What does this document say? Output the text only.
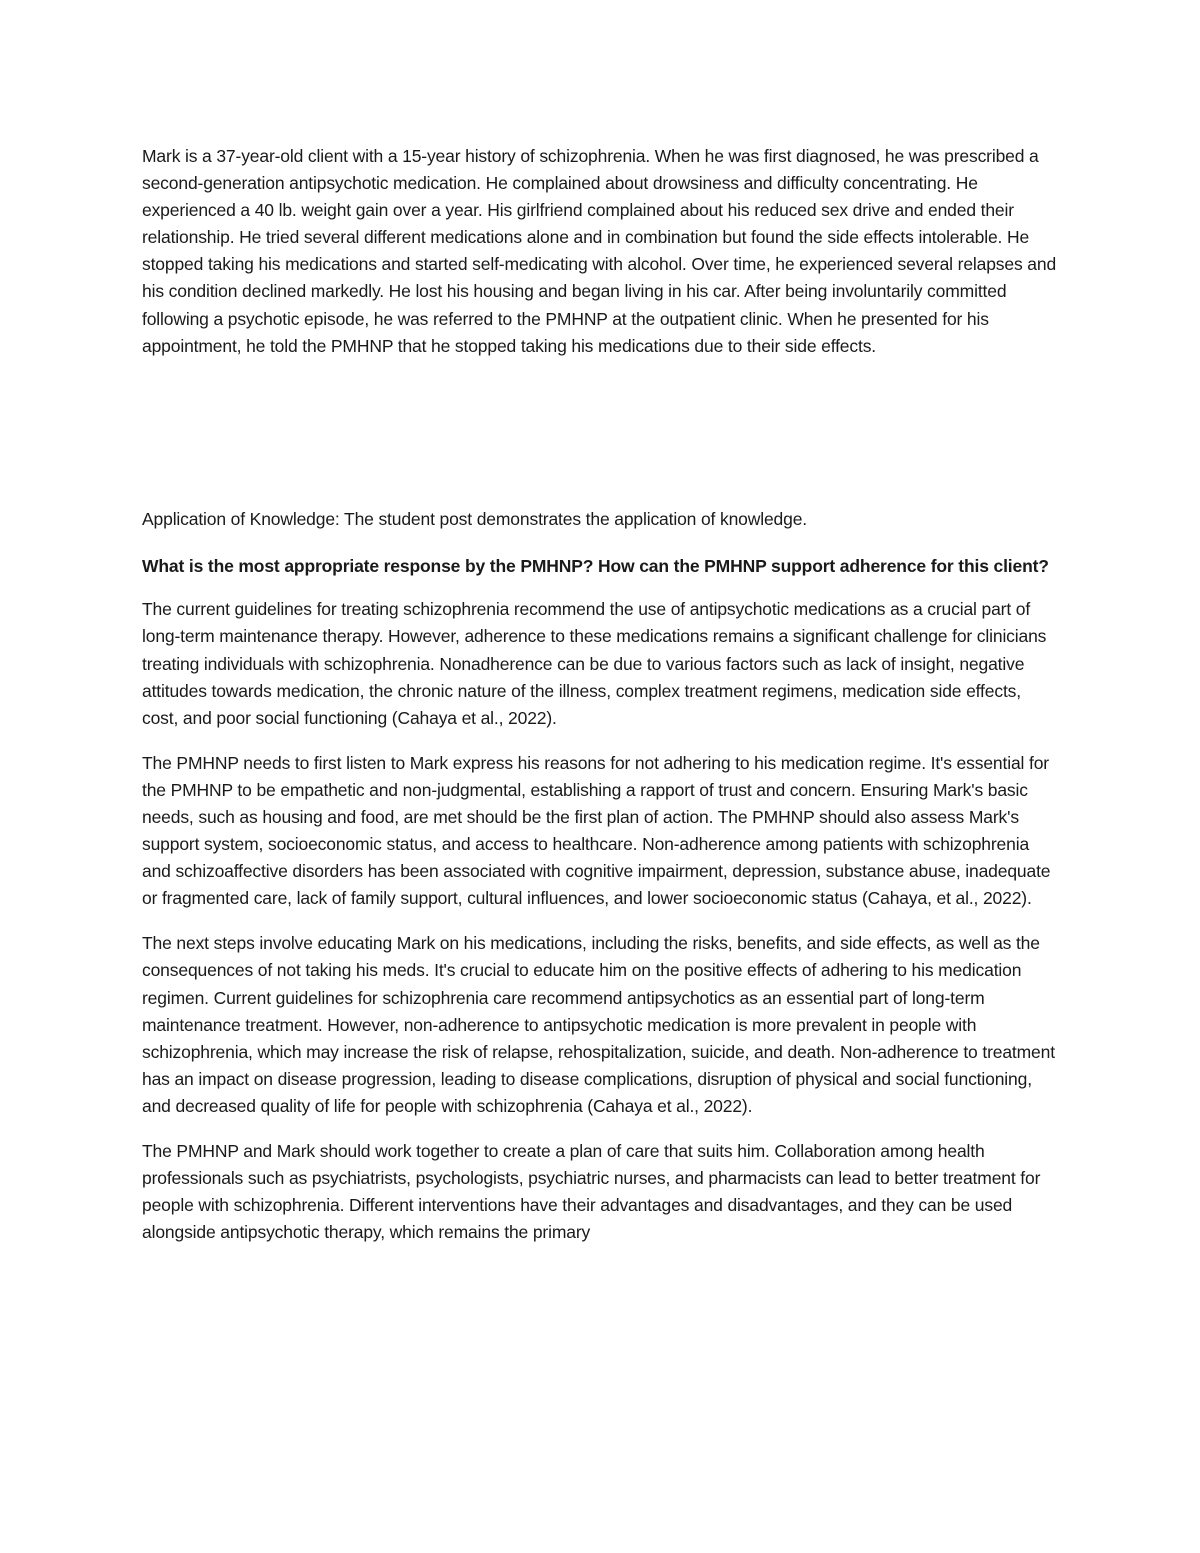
Mark is a 37-year-old client with a 15-year history of schizophrenia. When he was first diagnosed, he was prescribed a second-generation antipsychotic medication. He complained about drowsiness and difficulty concentrating. He experienced a 40 lb. weight gain over a year. His girlfriend complained about his reduced sex drive and ended their relationship. He tried several different medications alone and in combination but found the side effects intolerable. He stopped taking his medications and started self-medicating with alcohol. Over time, he experienced several relapses and his condition declined markedly. He lost his housing and began living in his car. After being involuntarily committed following a psychotic episode, he was referred to the PMHNP at the outpatient clinic. When he presented for his appointment, he told the PMHNP that he stopped taking his medications due to their side effects.

Application of Knowledge: The student post demonstrates the application of knowledge.

What is the most appropriate response by the PMHNP? How can the PMHNP support adherence for this client?

The current guidelines for treating schizophrenia recommend the use of antipsychotic medications as a crucial part of long-term maintenance therapy. However, adherence to these medications remains a significant challenge for clinicians treating individuals with schizophrenia. Nonadherence can be due to various factors such as lack of insight, negative attitudes towards medication, the chronic nature of the illness, complex treatment regimens, medication side effects, cost, and poor social functioning (Cahaya et al., 2022).

The PMHNP needs to first listen to Mark express his reasons for not adhering to his medication regime. It's essential for the PMHNP to be empathetic and non-judgmental, establishing a rapport of trust and concern. Ensuring Mark's basic needs, such as housing and food, are met should be the first plan of action. The PMHNP should also assess Mark's support system, socioeconomic status, and access to healthcare. Non-adherence among patients with schizophrenia and schizoaffective disorders has been associated with cognitive impairment, depression, substance abuse, inadequate or fragmented care, lack of family support, cultural influences, and lower socioeconomic status (Cahaya, et al., 2022).

The next steps involve educating Mark on his medications, including the risks, benefits, and side effects, as well as the consequences of not taking his meds. It's crucial to educate him on the positive effects of adhering to his medication regimen. Current guidelines for schizophrenia care recommend antipsychotics as an essential part of long-term maintenance treatment. However, non-adherence to antipsychotic medication is more prevalent in people with schizophrenia, which may increase the risk of relapse, rehospitalization, suicide, and death. Non-adherence to treatment has an impact on disease progression, leading to disease complications, disruption of physical and social functioning, and decreased quality of life for people with schizophrenia (Cahaya et al., 2022).

The PMHNP and Mark should work together to create a plan of care that suits him. Collaboration among health professionals such as psychiatrists, psychologists, psychiatric nurses, and pharmacists can lead to better treatment for people with schizophrenia. Different interventions have their advantages and disadvantages, and they can be used alongside antipsychotic therapy, which remains the primary
